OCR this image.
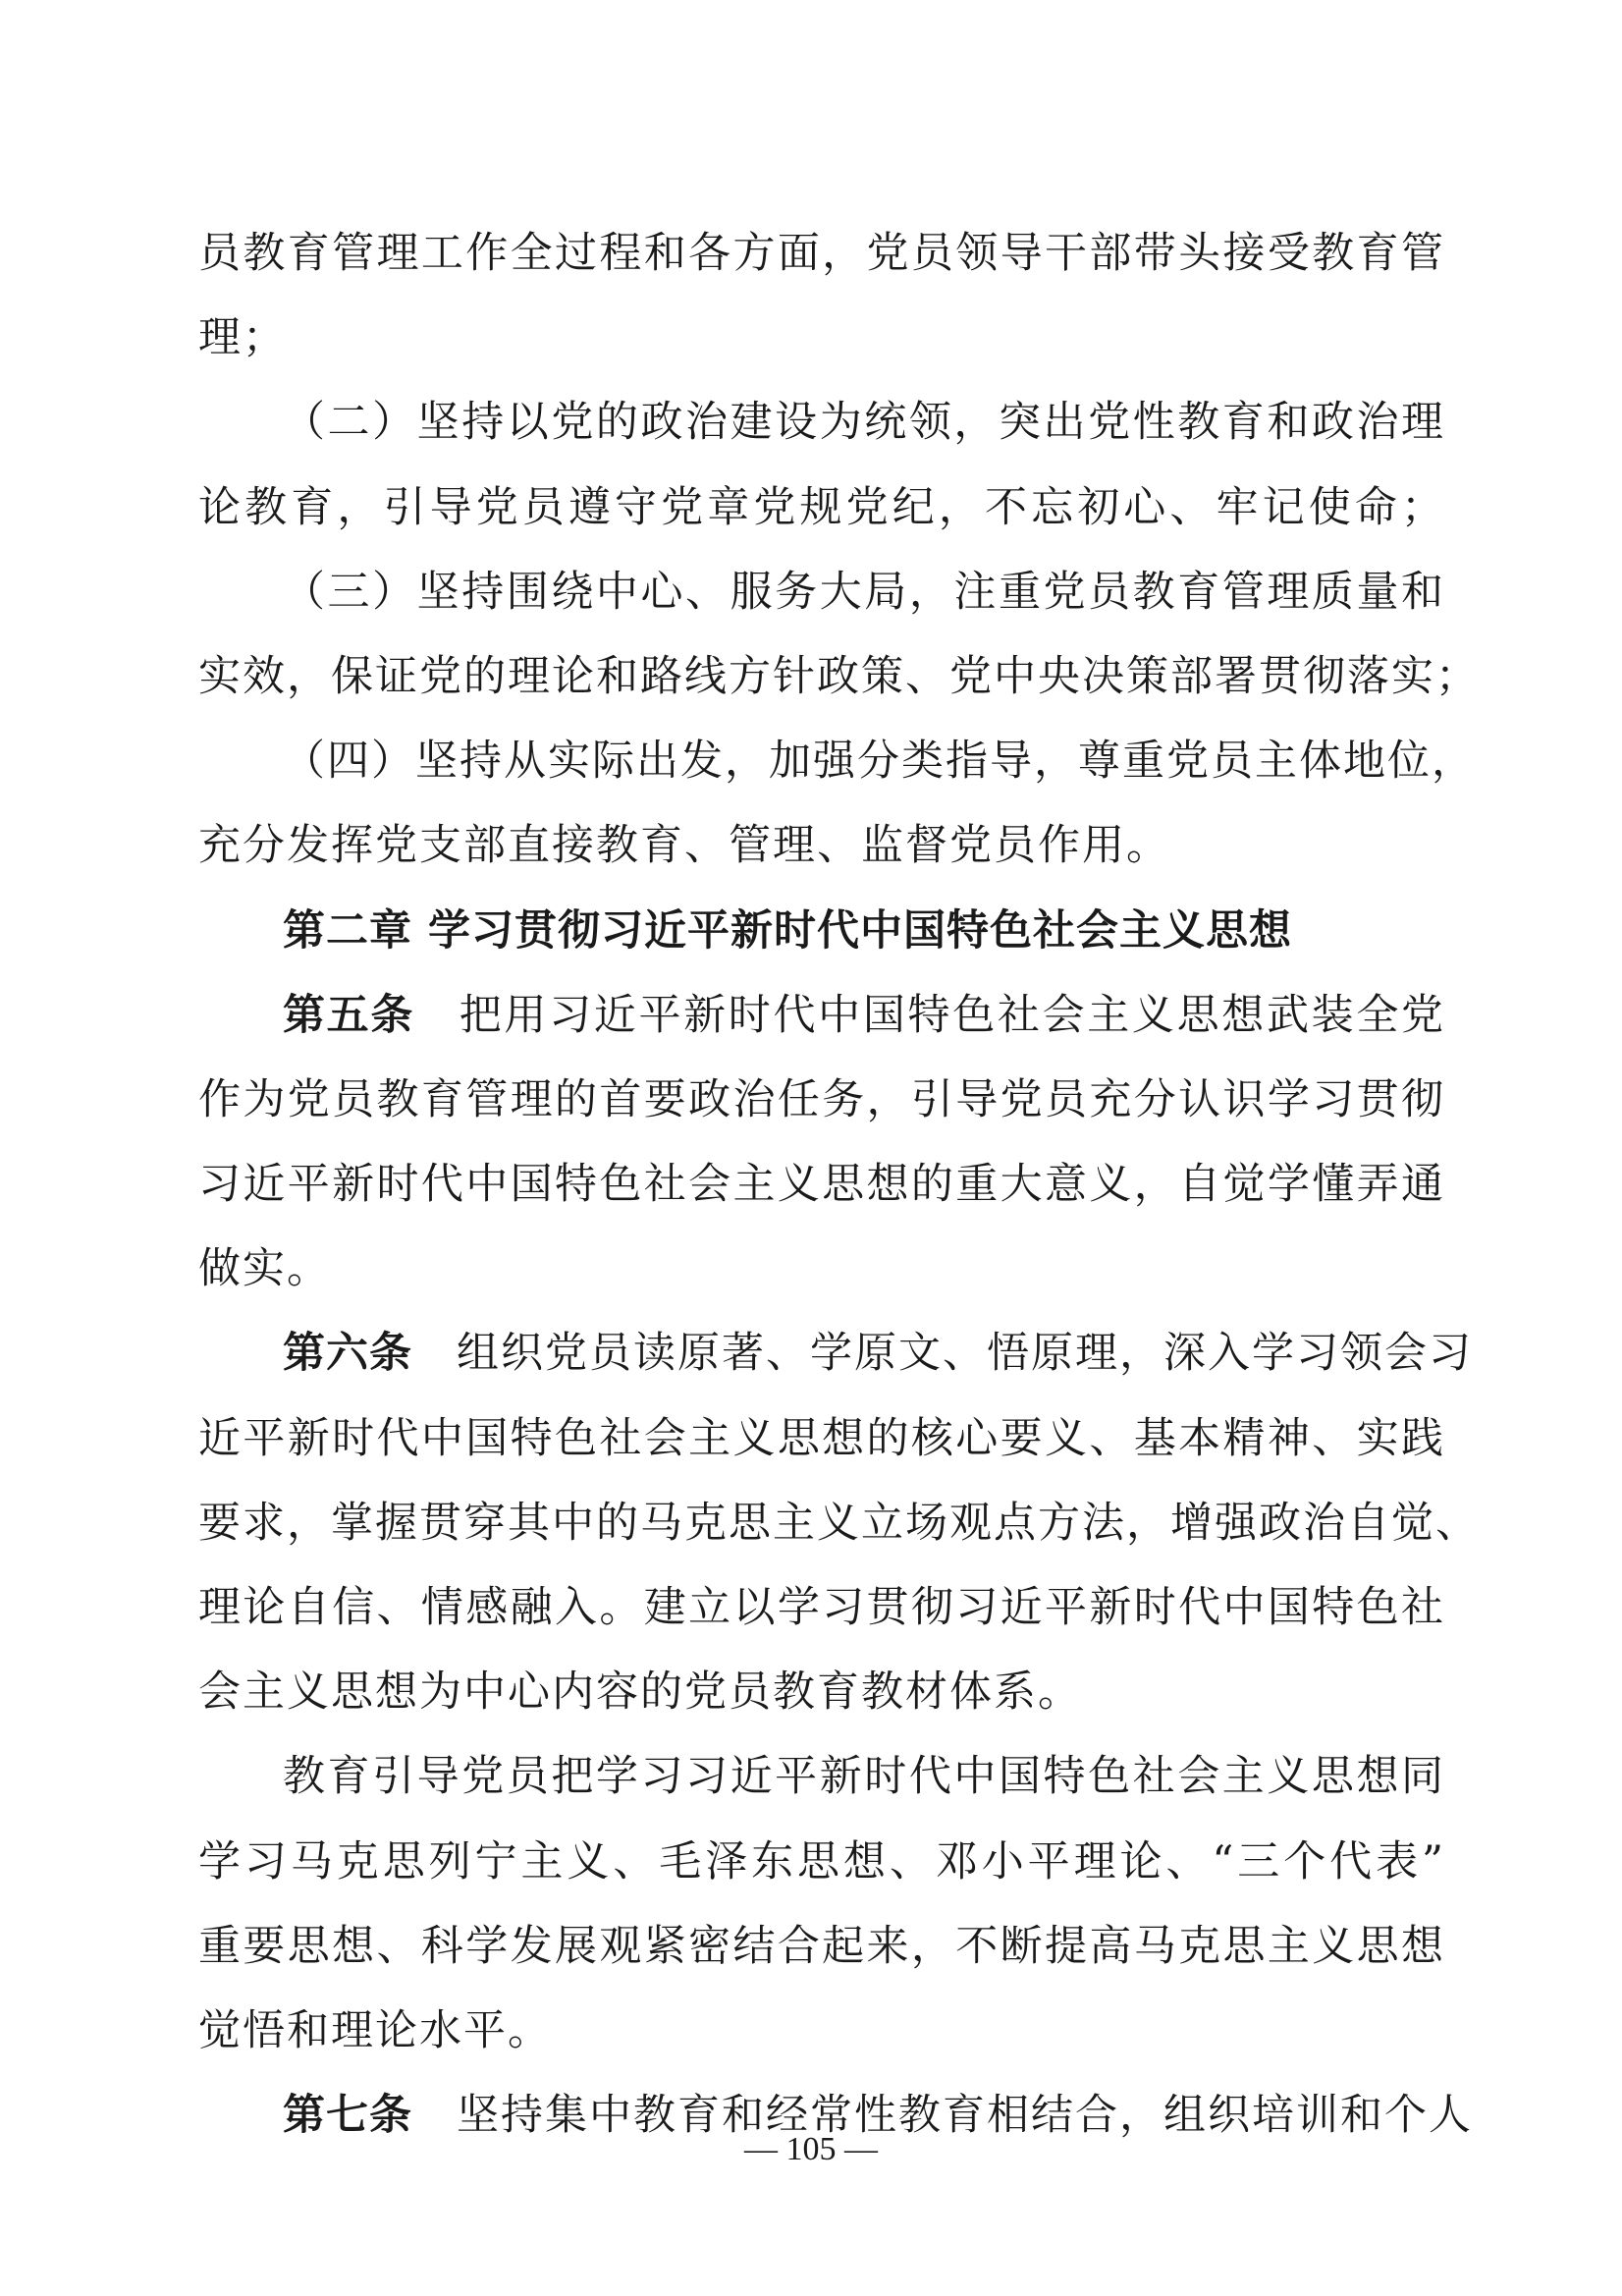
员教育管理工作全过程和各方面，党员领导干部带头接受教育管
理；
（二）坚持以党的政治建设为统领，突出党性教育和政治理
论教育，引导党员遵守党章党规党纪，不忘初心、牢记使命；
（三）坚持围绕中心、服务大局，注重党员教育管理质量和
实效，保证党的理论和路线方针政策、党中央决策部署贯彻落实；
（四）坚持从实际出发，加强分类指导，尊重党员主体地位，
充分发挥党支部直接教育、管理、监督党员作用。
第二章 学习贯彻习近平新时代中国特色社会主义思想
第五条  把用习近平新时代中国特色社会主义思想武装全党
作为党员教育管理的首要政治任务，引导党员充分认识学习贯彻
习近平新时代中国特色社会主义思想的重大意义，自觉学懂弄通
做实。
第六条  组织党员读原著、学原文、悟原理，深入学习领会习
近平新时代中国特色社会主义思想的核心要义、基本精神、实践
要求，掌握贯穿其中的马克思主义立场观点方法，增强政治自觉、
理论自信、情感融入。建立以学习贯彻习近平新时代中国特色社
会主义思想为中心内容的党员教育教材体系。
教育引导党员把学习习近平新时代中国特色社会主义思想同
学习马克思列宁主义、毛泽东思想、邓小平理论、“三个代表”
重要思想、科学发展观紧密结合起来，不断提高马克思主义思想
觉悟和理论水平。
第七条  坚持集中教育和经常性教育相结合，组织培训和个人
— 105 —
